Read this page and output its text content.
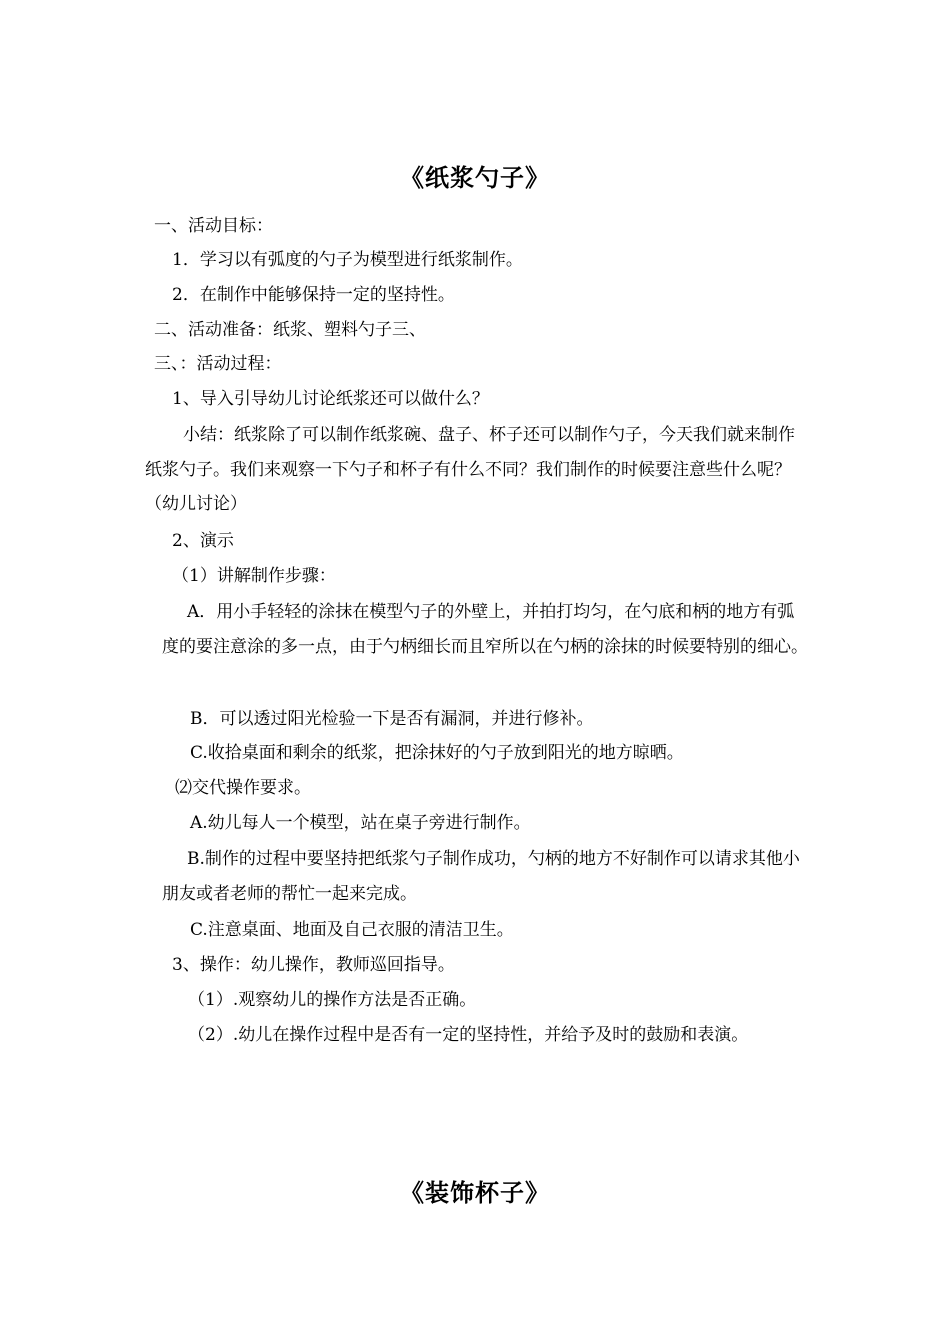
《纸浆勺子》
一、活动目标：
1．学习以有弧度的勺子为模型进行纸浆制作。
2．在制作中能够保持一定的坚持性。
二、活动准备：纸浆、塑料勺子三、
三、：活动过程：
1、导入引导幼儿讨论纸浆还可以做什么？
小结：纸浆除了可以制作纸浆碗、盘子、杯子还可以制作勺子，今天我们就来制作纸浆勺子。我们来观察一下勺子和杯子有什么不同？我们制作的时候要注意些什么呢？（幼儿讨论）
2、演示
（1）讲解制作步骤：
A．用小手轻轻的涂抹在模型勺子的外壁上，并拍打均匀，在勺底和柄的地方有弧度的要注意涂的多一点，由于勺柄细长而且窄所以在勺柄的涂抹的时候要特别的细心。
B．可以透过阳光检验一下是否有漏洞，并进行修补。
C.收拾桌面和剩余的纸浆，把涂抹好的勺子放到阳光的地方晾晒。
⑵交代操作要求。
A.幼儿每人一个模型，站在桌子旁进行制作。
B.制作的过程中要坚持把纸浆勺子制作成功，勺柄的地方不好制作可以请求其他小朋友或者老师的帮忙一起来完成。
C.注意桌面、地面及自己衣服的清洁卫生。
3、操作：幼儿操作，教师巡回指导。
（1）.观察幼儿的操作方法是否正确。
（2）.幼儿在操作过程中是否有一定的坚持性，并给予及时的鼓励和表演。
《装饰杯子》
